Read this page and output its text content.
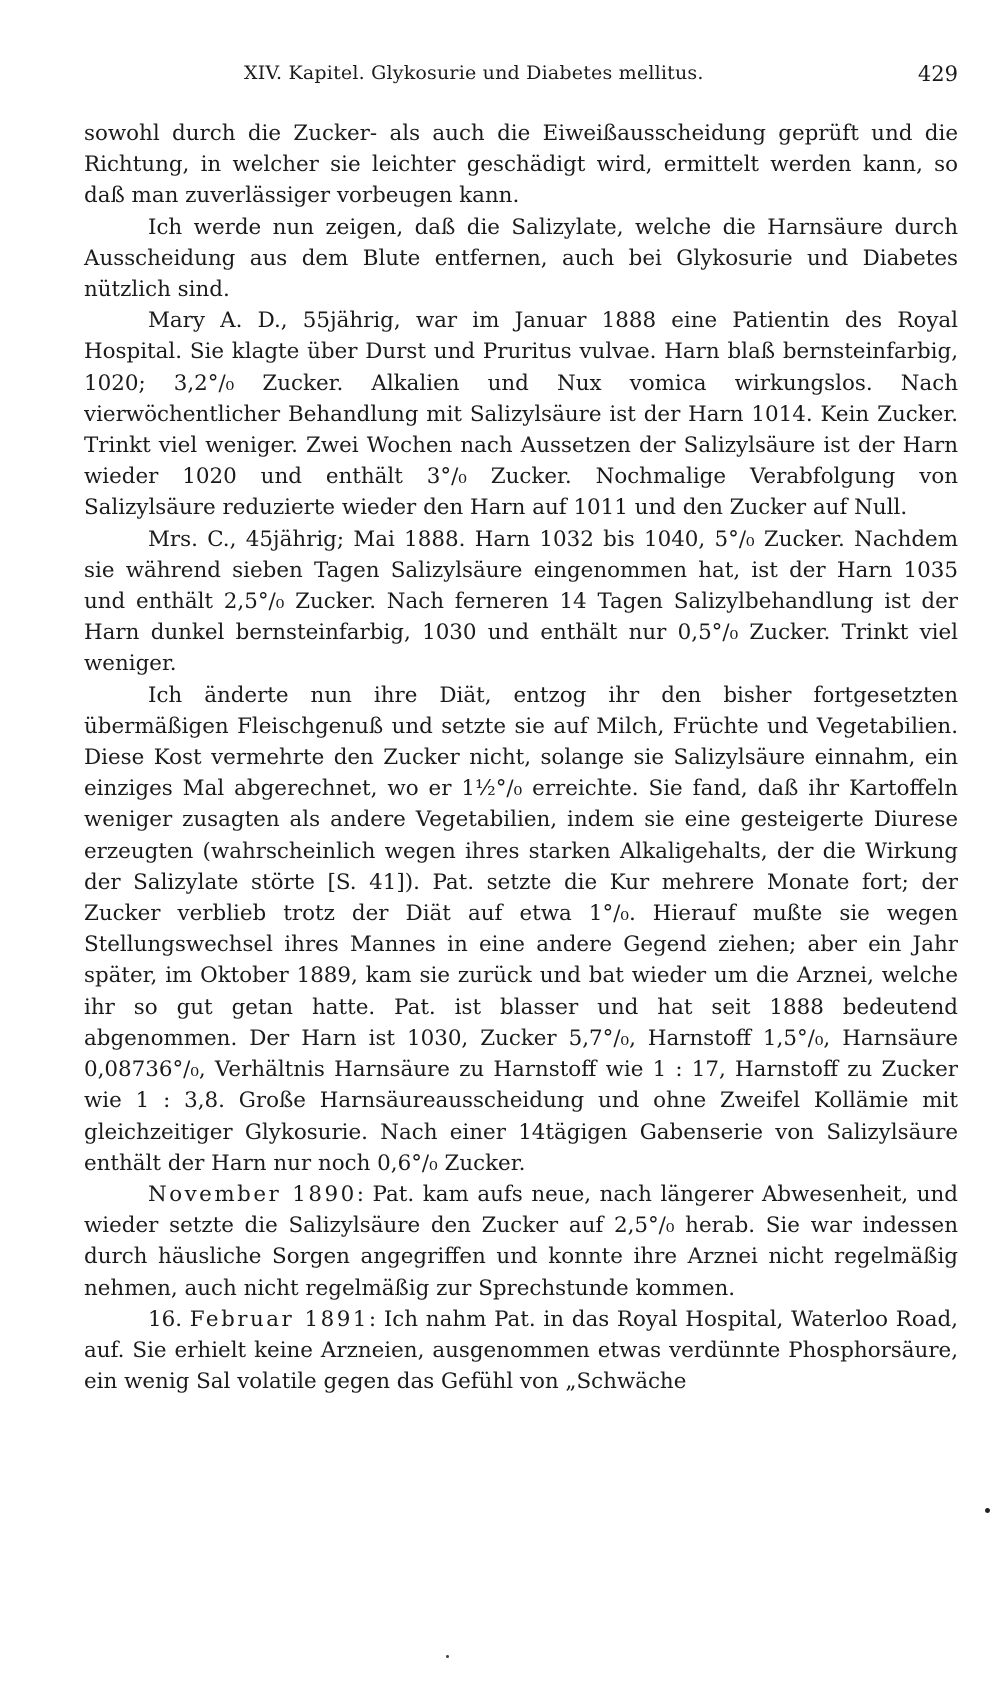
XIV. Kapitel. Glykosurie und Diabetes mellitus.	429

sowohl durch die Zucker- als auch die Eiweißausscheidung geprüft und die Richtung, in welcher sie leichter geschädigt wird, ermittelt werden kann, so daß man zuverlässiger vorbeugen kann.

Ich werde nun zeigen, daß die Salizylate, welche die Harnsäure durch Ausscheidung aus dem Blute entfernen, auch bei Glykosurie und Diabetes nützlich sind.

Mary A. D., 55jährig, war im Januar 1888 eine Patientin des Royal Hospital. Sie klagte über Durst und Pruritus vulvae. Harn blaß bernsteinfarbig, 1020; 3,2°/₀ Zucker. Alkalien und Nux vomica wirkungslos. Nach vierwöchentlicher Behandlung mit Salizylsäure ist der Harn 1014. Kein Zucker. Trinkt viel weniger. Zwei Wochen nach Aussetzen der Salizylsäure ist der Harn wieder 1020 und enthält 3°/₀ Zucker. Nochmalige Verabfolgung von Salizylsäure reduzierte wieder den Harn auf 1011 und den Zucker auf Null.

Mrs. C., 45jährig; Mai 1888. Harn 1032 bis 1040, 5°/₀ Zucker. Nachdem sie während sieben Tagen Salizylsäure eingenommen hat, ist der Harn 1035 und enthält 2,5°/₀ Zucker. Nach ferneren 14 Tagen Salizylbehandlung ist der Harn dunkel bernsteinfarbig, 1030 und enthält nur 0,5°/₀ Zucker. Trinkt viel weniger.

Ich änderte nun ihre Diät, entzog ihr den bisher fortgesetzten übermäßigen Fleischgenuß und setzte sie auf Milch, Früchte und Vegetabilien. Diese Kost vermehrte den Zucker nicht, solange sie Salizylsäure einnahm, ein einziges Mal abgerechnet, wo er 1½°/₀ erreichte. Sie fand, daß ihr Kartoffeln weniger zusagten als andere Vegetabilien, indem sie eine gesteigerte Diurese erzeugten (wahrscheinlich wegen ihres starken Alkaligehalts, der die Wirkung der Salizylate störte [S. 41]). Pat. setzte die Kur mehrere Monate fort; der Zucker verblieb trotz der Diät auf etwa 1°/₀. Hierauf mußte sie wegen Stellungswechsel ihres Mannes in eine andere Gegend ziehen; aber ein Jahr später, im Oktober 1889, kam sie zurück und bat wieder um die Arznei, welche ihr so gut getan hatte. Pat. ist blasser und hat seit 1888 bedeutend abgenommen. Der Harn ist 1030, Zucker 5,7°/₀, Harnstoff 1,5°/₀, Harnsäure 0,08736°/₀, Verhältnis Harnsäure zu Harnstoff wie 1 : 17, Harnstoff zu Zucker wie 1 : 3,8. Große Harnsäureausscheidung und ohne Zweifel Kollämie mit gleichzeitiger Glykosurie. Nach einer 14tägigen Gabenserie von Salizylsäure enthält der Harn nur noch 0,6°/₀ Zucker.

November 1890: Pat. kam aufs neue, nach längerer Abwesenheit, und wieder setzte die Salizylsäure den Zucker auf 2,5°/₀ herab. Sie war indessen durch häusliche Sorgen angegriffen und konnte ihre Arznei nicht regelmäßig nehmen, auch nicht regelmäßig zur Sprechstunde kommen.

16. Februar 1891: Ich nahm Pat. in das Royal Hospital, Waterloo Road, auf. Sie erhielt keine Arzneien, ausgenommen etwas verdünnte Phosphorsäure, ein wenig Sal volatile gegen das Gefühl von „Schwäche
